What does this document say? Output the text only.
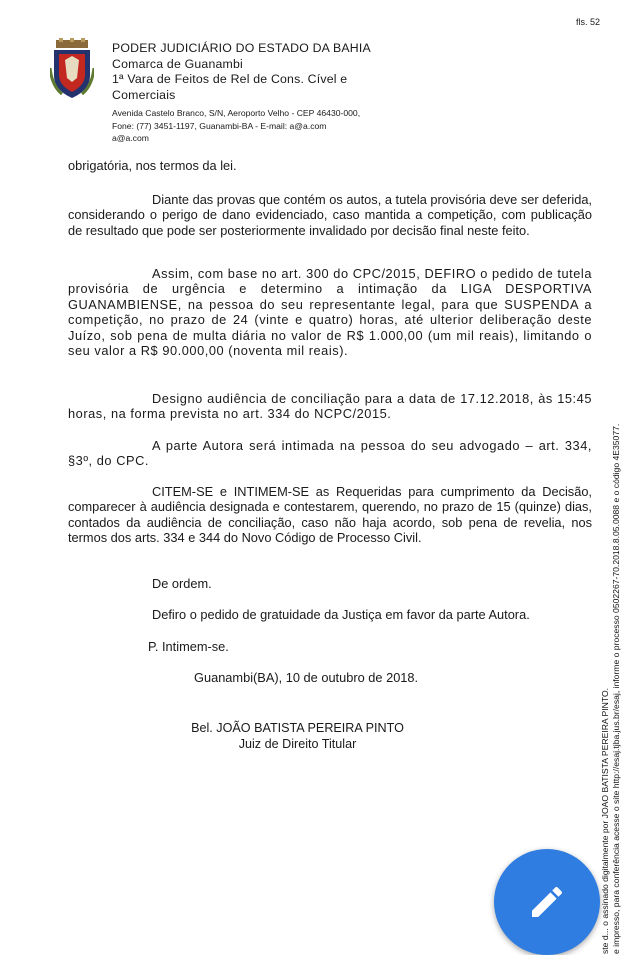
fls. 52
PODER JUDICIÁRIO DO ESTADO DA BAHIA
Comarca de Guanambi
1ª Vara de Feitos de Rel de Cons. Cível e
Comerciais
Avenida Castelo Branco, S/N, Aeroporto Velho - CEP 46430-000,
Fone: (77) 3451-1197, Guanambi-BA - E-mail: a@a.com
a@a.com

obrigatória, nos termos da lei.

Diante das provas que contém os autos, a tutela provisória deve ser deferida, considerando o perigo de dano evidenciado, caso mantida a competição, com publicação de resultado que pode ser posteriormente invalidado por decisão final neste feito.

Assim, com base no art. 300 do CPC/2015, DEFIRO o pedido de tutela provisória de urgência e determino a intimação da LIGA DESPORTIVA GUANAMBIENSE, na pessoa do seu representante legal, para que SUSPENDA a competição, no prazo de 24 (vinte e quatro) horas, até ulterior deliberação deste Juízo, sob pena de multa diária no valor de R$ 1.000,00 (um mil reais), limitando o seu valor a R$ 90.000,00 (noventa mil reais).

Designo audiência de conciliação para a data de 17.12.2018, às 15:45 horas, na forma prevista no art. 334 do NCPC/2015.

A parte Autora será intimada na pessoa do seu advogado – art. 334, §3º, do CPC.

CITEM-SE e INTIMEM-SE as Requeridas para cumprimento da Decisão, comparecer à audiência designada e contestarem, querendo, no prazo de 15 (quinze) dias, contados da audiência de conciliação, caso não haja acordo, sob pena de revelia, nos termos dos arts. 334 e 344 do Novo Código de Processo Civil.

De ordem.
Defiro o pedido de gratuidade da Justiça em favor da parte Autora.
P. Intimem-se.
Guanambi(BA), 10 de outubro de 2018.
Bel. JOÃO BATISTA PEREIRA PINTO
Juiz de Direito Titular	ste d... o assinado digitalmente por JOAO BATISTA PEREIRA PINTO. e impresso, para conferência acesse o site http://esaj.tjba.jus.br/esaj, informe o processo 0502267-70.2018.8.05.0088 e o código 4E35077.
